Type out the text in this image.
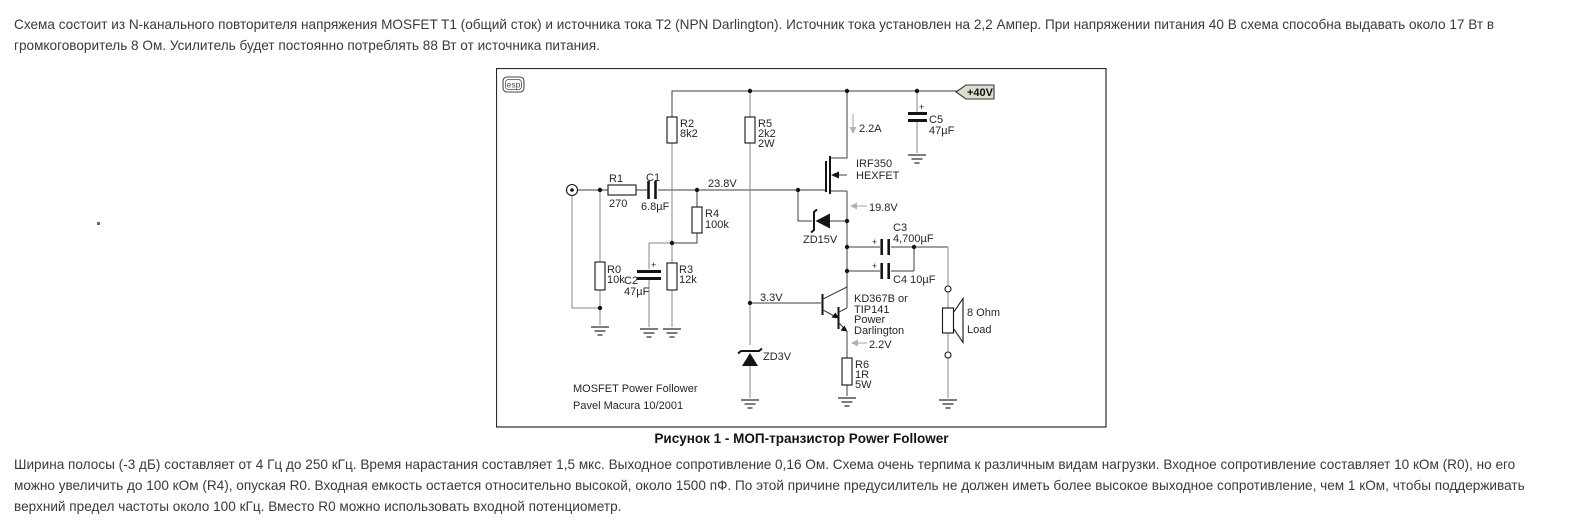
Схема состоит из N-канального повторителя напряжения MOSFET T1 (общий сток) и источника тока T2 (NPN Darlington). Источник тока установлен на 2,2 Ампер. При напряжении питания 40 В схема способна выдавать около 17 Вт в
громкоговоритель 8 Ом. Усилитель будет постоянно потреблять 88 Вт от источника питания.
esp
+40V
R2
8k2
R5
2k2
2W
2.2A
+
C5
47µF
IRF350
HEXFET
19.8V
23.8V
R1
270
C1
6.8µF
R4
100k
R0
10k C2
47µF
+ R3
12k
ZD15V	+
C3
4,700µF
+
C4 10µF
KD367B or
TIP141
Power
Darlington
3.3V
ZD3V
2.2V
R6
1R
5W
8 Ohm
Load
MOSFET Power Follower
Pavel Macura 10/2001
Рисунок 1 - МОП-транзистор Power Follower
Ширина полосы (-3 дБ) составляет от 4 Гц до 250 кГц. Время нарастания составляет 1,5 мкс. Выходное сопротивление 0,16 Ом. Схема очень терпима к различным видам нагрузки. Входное сопротивление составляет 10 кОм (R0), но его
можно увеличить до 100 кОм (R4), опуская R0. Входная емкость остается относительно высокой, около 1500 пФ. По этой причине предусилитель не должен иметь более высокое выходное сопротивление, чем 1 кОм, чтобы поддерживать
верхний предел частоты около 100 кГц. Вместо R0 можно использовать входной потенциометр.
